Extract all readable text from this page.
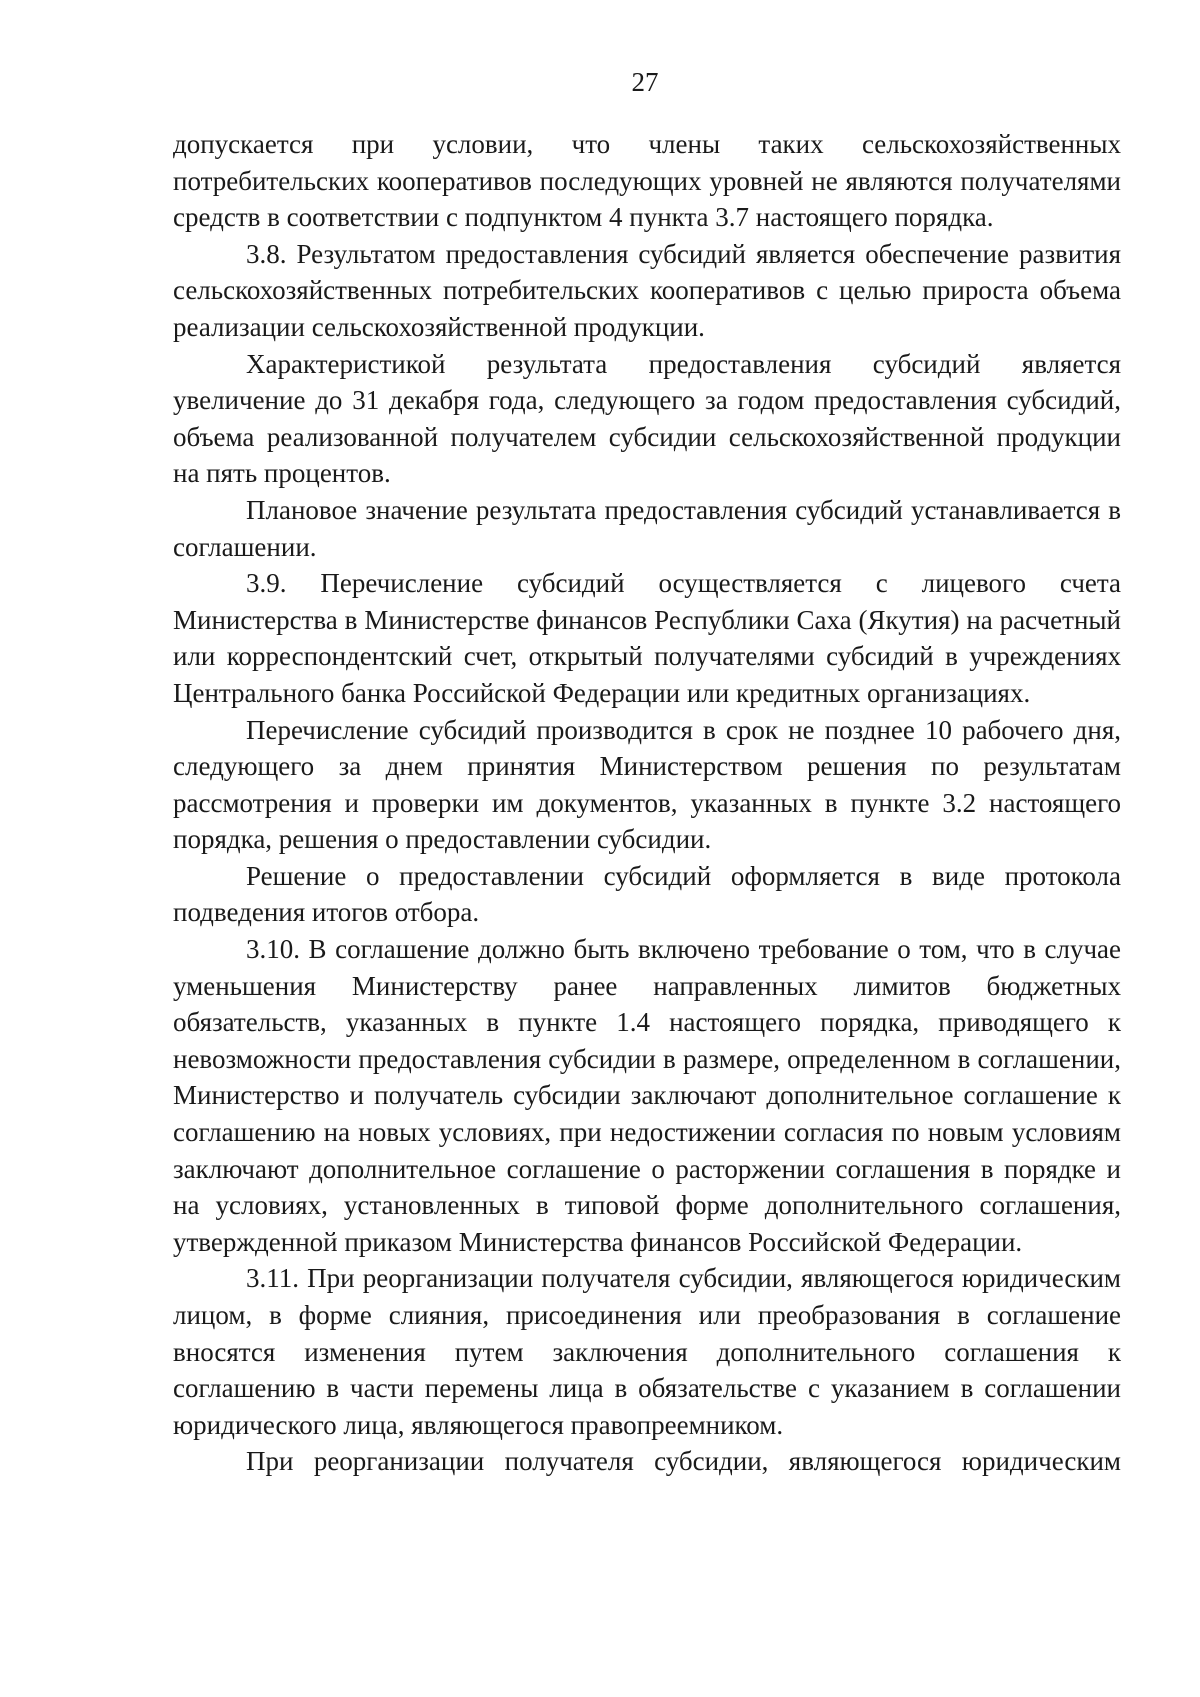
27

допускается при условии, что члены таких сельскохозяйственных потребительских кооперативов последующих уровней не являются получателями средств в соответствии с подпунктом 4 пункта 3.7 настоящего порядка.

3.8. Результатом предоставления субсидий является обеспечение развития сельскохозяйственных потребительских кооперативов с целью прироста объема реализации сельскохозяйственной продукции.

Характеристикой результата предоставления субсидий является увеличение до 31 декабря года, следующего за годом предоставления субсидий, объема реализованной получателем субсидии сельскохозяйственной продукции на пять процентов.

Плановое значение результата предоставления субсидий устанавливается в соглашении.

3.9. Перечисление субсидий осуществляется с лицевого счета Министерства в Министерстве финансов Республики Саха (Якутия) на расчетный или корреспондентский счет, открытый получателями субсидий в учреждениях Центрального банка Российской Федерации или кредитных организациях.

Перечисление субсидий производится в срок не позднее 10 рабочего дня, следующего за днем принятия Министерством решения по результатам рассмотрения и проверки им документов, указанных в пункте 3.2 настоящего порядка, решения о предоставлении субсидии.

Решение о предоставлении субсидий оформляется в виде протокола подведения итогов отбора.

3.10. В соглашение должно быть включено требование о том, что в случае уменьшения Министерству ранее направленных лимитов бюджетных обязательств, указанных в пункте 1.4 настоящего порядка, приводящего к невозможности предоставления субсидии в размере, определенном в соглашении, Министерство и получатель субсидии заключают дополнительное соглашение к соглашению на новых условиях, при недостижении согласия по новым условиям заключают дополнительное соглашение о расторжении соглашения в порядке и на условиях, установленных в типовой форме дополнительного соглашения, утвержденной приказом Министерства финансов Российской Федерации.

3.11. При реорганизации получателя субсидии, являющегося юридическим лицом, в форме слияния, присоединения или преобразования в соглашение вносятся изменения путем заключения дополнительного соглашения к соглашению в части перемены лица в обязательстве с указанием в соглашении юридического лица, являющегося правопреемником.

При реорганизации получателя субсидии, являющегося юридическим
